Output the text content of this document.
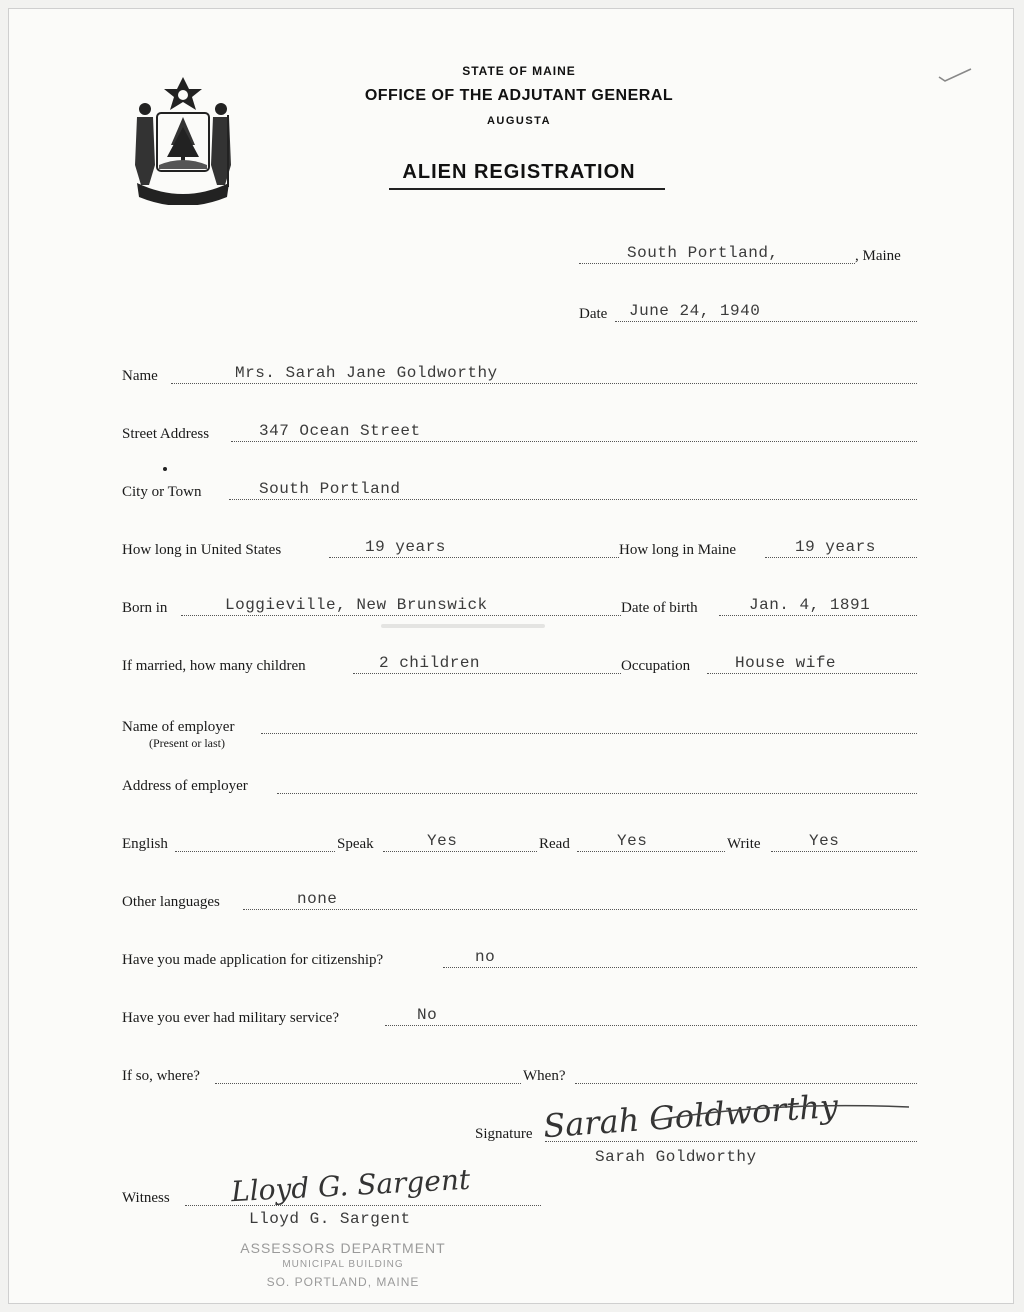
MAINE
STATE OF MAINE
OFFICE OF THE ADJUTANT GENERAL
AUGUSTA
ALIEN REGISTRATION
South Portland,	, Maine
Date June 24, 1940
Name	Mrs. Sarah Jane Goldworthy
Street Address	347 Ocean Street
City or Town	South Portland
How long in United States	19 years	How long in Maine	19 years
Born in	Loggieville, New Brunswick	Date of birth	Jan. 4, 1891
If married, how many children	2 children	Occupation	House wife
Name of employer
(Present or last)
Address of employer
English	Speak	Yes	Read	Yes	Write	Yes
Other languages	none
Have you made application for citizenship?	no
Have you ever had military service?	No
If so, where?	When?
Signature Sarah Goldworthy
Sarah Goldworthy
Witness Lloyd G. Sargent
Lloyd G. Sargent
ASSESSORS DEPARTMENT
MUNICIPAL BUILDING
SO. PORTLAND, MAINE
